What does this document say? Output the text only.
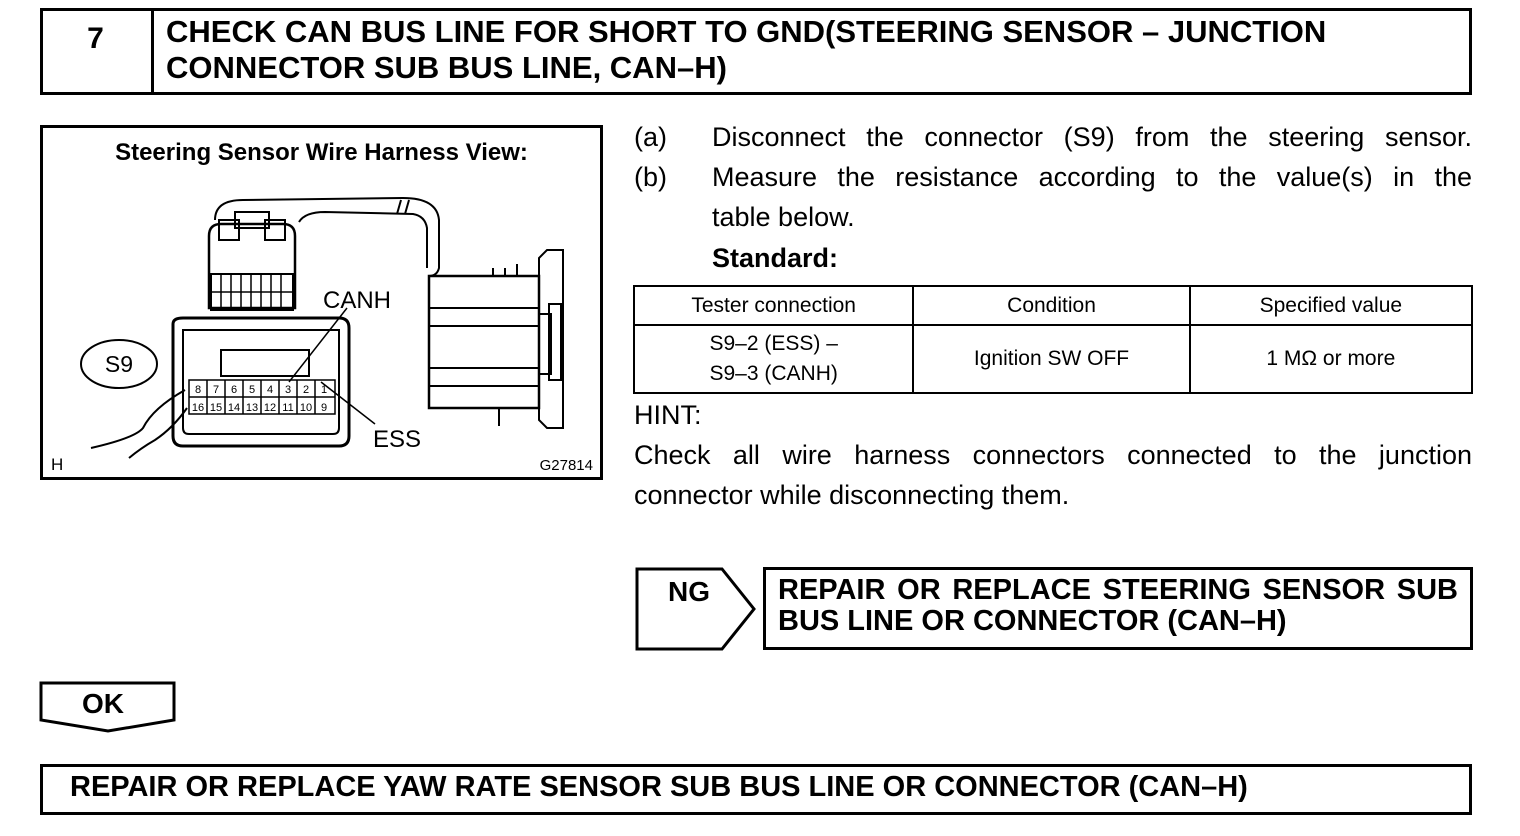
7	CHECK CAN BUS LINE FOR SHORT TO GND(STEERING SENSOR – JUNCTION CONNECTOR SUB BUS LINE, CAN–H)
Steering Sensor Wire Harness View:
8 7 6 5 4 3 2 1
16 15 14 13 12 11 10 9
CANH
ESS
S9
H	G27814
(a) Disconnect the connector (S9) from the steering sensor.
(b) Measure the resistance according to the value(s) in the
table below.
Standard:
Tester connection	Condition	Specified value

S9–2 (ESS) –
S9–3 (CANH)	Ignition SW OFF	1 MΩ or more
HINT:
Check all wire harness connectors connected to the junction connector while disconnecting them.
NG REPAIR OR REPLACE STEERING SENSOR SUB BUS LINE OR CONNECTOR (CAN–H)
OK
REPAIR OR REPLACE YAW RATE SENSOR SUB BUS LINE OR CONNECTOR (CAN–H)
